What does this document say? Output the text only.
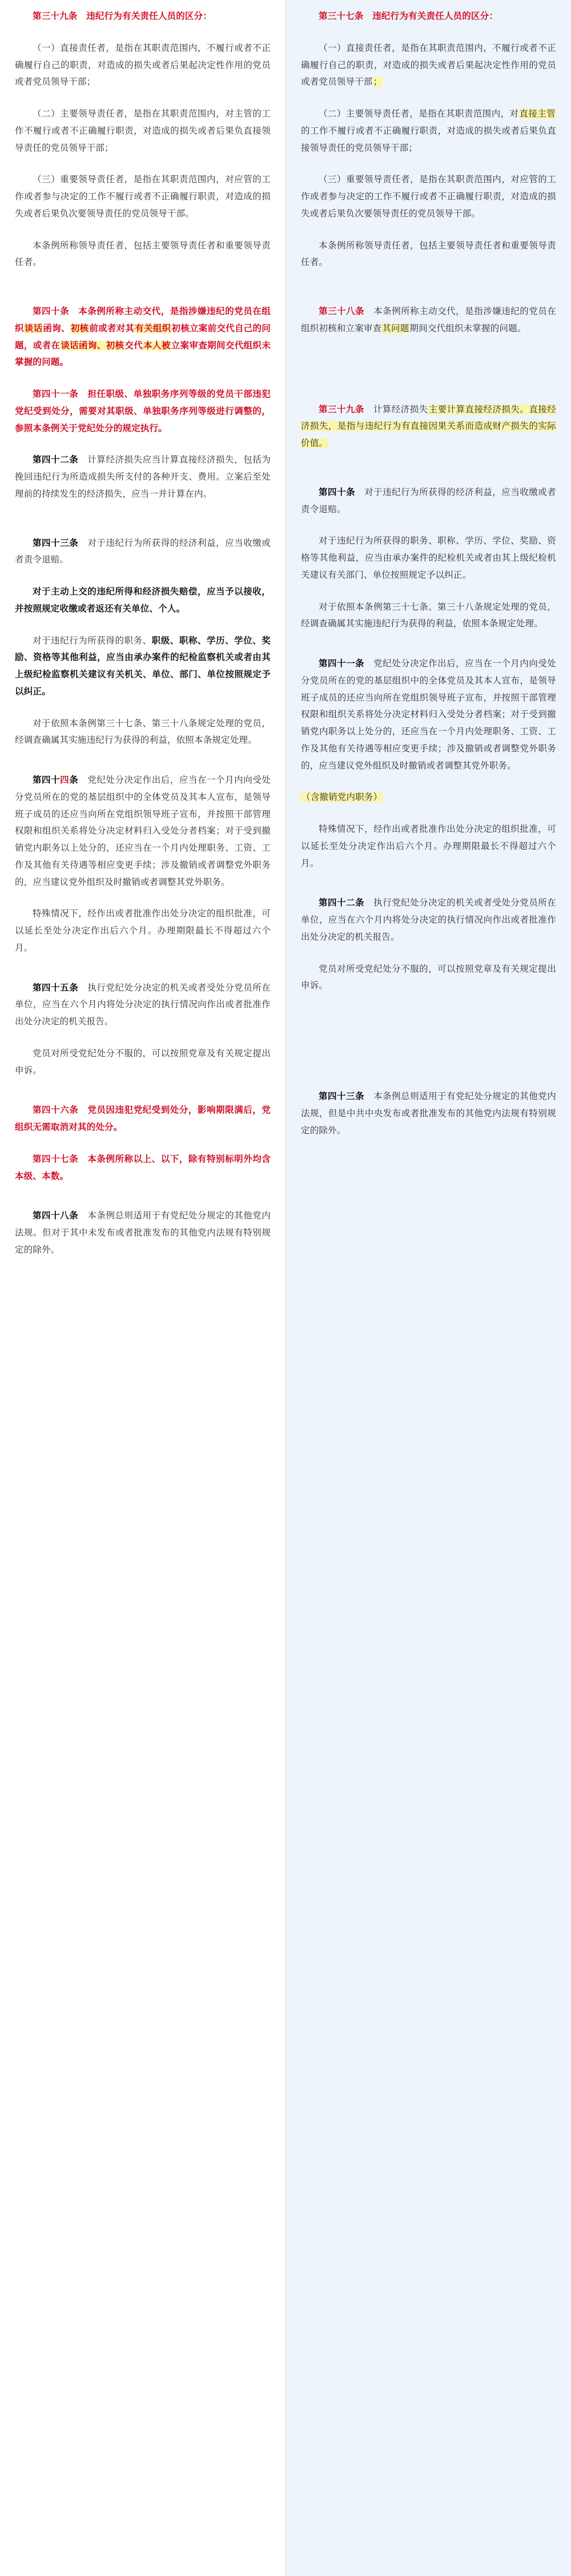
第三十九条　违纪行为有关责任人员的区分：

（一）直接责任者，是指在其职责范围内，不履行或者不正确履行自己的职责，对造成的损失或者后果起决定性作用的党员或者党员领导干部；

（二）主要领导责任者，是指在其职责范围内，对主管的工作不履行或者不正确履行职责，对造成的损失或者后果负直接领导责任的党员领导干部；

（三）重要领导责任者，是指在其职责范围内，对应管的工作或者参与决定的工作不履行或者不正确履行职责，对造成的损失或者后果负次要领导责任的党员领导干部。

本条例所称领导责任者，包括主要领导责任者和重要领导责任者。

第四十条　本条例所称主动交代，是指涉嫌违纪的党员在组织谈话函询、初核前或者对其有关组织初核立案前交代自己的问题，或者在谈话函询、初核交代本人被立案审查期间交代组织未掌握的问题。

第四十一条　担任职级、单独职务序列等级的党员干部违犯党纪受到处分，需要对其职级、单独职务序列等级进行调整的，参照本条例关于党纪处分的规定执行。

第四十二条　计算经济损失应当计算直接经济损失，包括为挽回违纪行为所造成损失所支付的各种开支、费用。立案后至处理前的持续发生的经济损失，应当一并计算在内。

第四十三条　对于违纪行为所获得的经济利益，应当收缴或者责令退赔。

对于主动上交的违纪所得和经济损失赔偿，应当予以接收，并按照规定收缴或者返还有关单位、个人。

对于违纪行为所获得的职务、职级、职称、学历、学位、奖励、资格等其他利益，应当由承办案件的纪检监察机关或者由其上级纪检监察机关建议有关机关、单位、部门、单位按照规定予以纠正。

对于依照本条例第三十七条、第三十八条规定处理的党员，经调查确属其实施违纪行为获得的利益，依照本条规定处理。

第四十四条　党纪处分决定作出后，应当在一个月内向受处分党员所在的党的基层组织中的全体党员及其本人宣布，是领导班子成员的还应当向所在党组织领导班子宣布，并按照干部管理权限和组织关系将处分决定材料归入受处分者档案；对于受到撤销党内职务以上处分的，还应当在一个月内处理职务、工资、工作及其他有关待遇等相应变更手续；涉及撤销或者调整党外职务的，应当建议党外组织及时撤销或者调整其党外职务。

特殊情况下，经作出或者批准作出处分决定的组织批准，可以延长至处分决定作出后六个月。办理期限最长不得超过六个月。

第四十五条　执行党纪处分决定的机关或者受处分党员所在单位，应当在六个月内将处分决定的执行情况向作出或者批准作出处分决定的机关报告。

党员对所受党纪处分不服的，可以按照党章及有关规定提出申诉。

第四十六条　党员因违犯党纪受到处分，影响期限满后，党组织无需取消对其的处分。

第四十七条　本条例所称以上、以下，除有特别标明外均含本级、本数。

第四十八条　本条例总则适用于有党纪处分规定的其他党内法规。但对于其中未发布或者批准发布的其他党内法规有特别规定的除外。

第三十七条　违纪行为有关责任人员的区分：

（一）直接责任者，是指在其职责范围内，不履行或者不正确履行自己的职责，对造成的损失或者后果起决定性作用的党员或者党员领导干部；

（二）主要领导责任者，是指在其职责范围内，对直接主管的工作不履行或者不正确履行职责，对造成的损失或者后果负直接领导责任的党员领导干部；

（三）重要领导责任者，是指在其职责范围内，对应管的工作或者参与决定的工作不履行或者不正确履行职责，对造成的损失或者后果负次要领导责任的党员领导干部。

本条例所称领导责任者，包括主要领导责任者和重要领导责任者。

第三十八条　本条例所称主动交代，是指涉嫌违纪的党员在组织初核和立案审查其问题期间交代组织未掌握的问题。

第三十九条　计算经济损失主要计算直接经济损失。直接经济损失，是指与违纪行为有直接因果关系而造成财产损失的实际价值。

第四十条　对于违纪行为所获得的经济利益，应当收缴或者责令退赔。

对于违纪行为所获得的职务、职称、学历、学位、奖励、资格等其他利益，应当由承办案件的纪检机关或者由其上级纪检机关建议有关部门、单位按照规定予以纠正。

对于依照本条例第三十七条、第三十八条规定处理的党员，经调查确属其实施违纪行为获得的利益，依照本条规定处理。

第四十一条　党纪处分决定作出后，应当在一个月内向受处分党员所在的党的基层组织中的全体党员及其本人宣布，是领导班子成员的还应当向所在党组织领导班子宣布，并按照干部管理权限和组织关系将处分决定材料归入受处分者档案；对于受到撤销党内职务以上处分的，还应当在一个月内处理职务、工资、工作及其他有关待遇等相应变更手续；涉及撤销或者调整党外职务的，应当建议党外组织及时撤销或者调整其党外职务。

（含撤销党内职务）

特殊情况下，经作出或者批准作出处分决定的组织批准，可以延长至处分决定作出后六个月。办理期限最长不得超过六个月。

第四十二条　执行党纪处分决定的机关或者受处分党员所在单位，应当在六个月内将处分决定的执行情况向作出或者批准作出处分决定的机关报告。

党员对所受党纪处分不服的，可以按照党章及有关规定提出申诉。

第四十三条　本条例总则适用于有党纪处分规定的其他党内法规，但是中共中央发布或者批准发布的其他党内法规有特别规定的除外。
